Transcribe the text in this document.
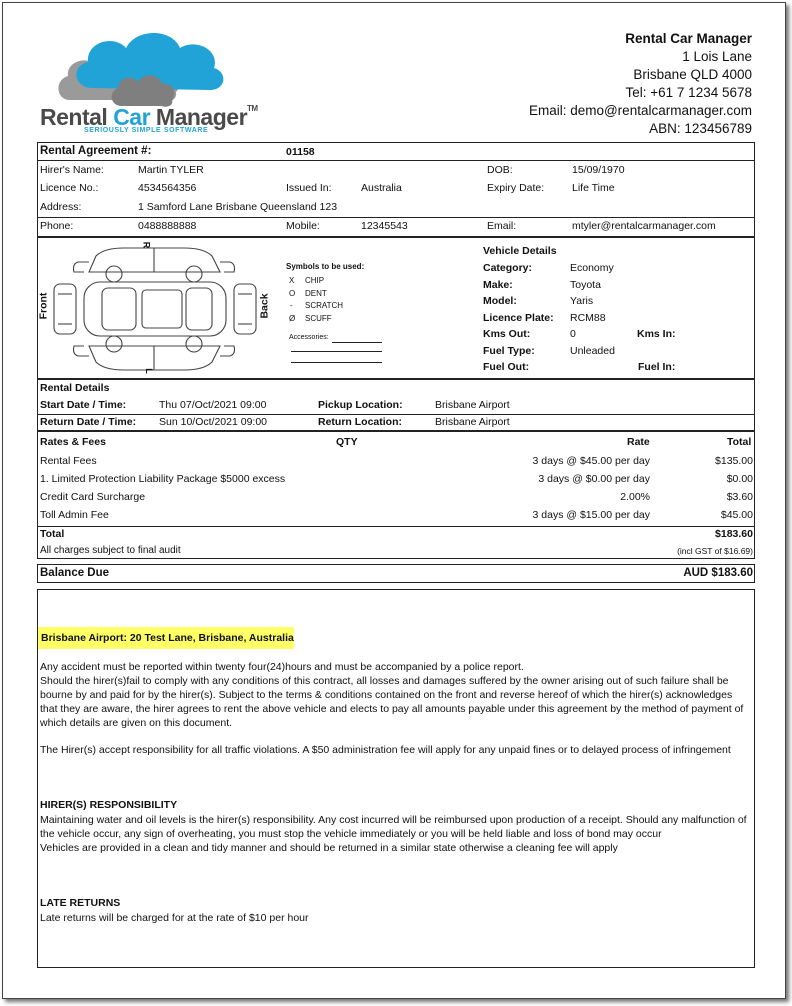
Rental Car Manager™
SERIOUSLY SIMPLE SOFTWARE
Rental Car Manager
1 Lois Lane
Brisbane QLD 4000
Tel: +61 7 1234 5678
Email: demo@rentalcarmanager.com
ABN: 123456789
Rental Agreement #:	01158
Hirer's Name:	Martin TYLER	DOB:	15/09/1970
Licence No.:	4534564356	Issued In:	Australia	Expiry Date:	Life Time
Address:	1 Samford Lane Brisbane Queensland 123
Phone:	0488888888	Mobile:	12345543	Email:	mtyler@rentalcarmanager.com
R
L
Front	Back
Symbols to be used:
X CHIP
O DENT
- SCRATCH
Ø SCUFF
Accessories:
Vehicle Details
Category:	Economy
Make:	Toyota
Model:	Yaris
Licence Plate: RCM88
Kms Out:	0	Kms In:
Fuel Type:	Unleaded
Fuel Out:	Fuel In:
Rental Details
Start Date / Time:	Thu 07/Oct/2021 09:00	Pickup Location:	Brisbane Airport
Return Date / Time: Sun 10/Oct/2021 09:00	Return Location:	Brisbane Airport
Rates & Fees	QTY	Rate	Total
Rental Fees	3 days @ $45.00 per day	$135.00
1. Limited Protection Liability Package $5000 excess	3 days @ $0.00 per day	$0.00
Credit Card Surcharge	2.00%	$3.60
Toll Admin Fee	3 days @ $15.00 per day	$45.00
Total	$183.60
All charges subject to final audit	(incl GST of $16.69)
Balance Due	AUD $183.60
Brisbane Airport: 20 Test Lane, Brisbane, Australia
Any accident must be reported within twenty four(24)hours and must be accompanied by a police report.
Should the hirer(s)fail to comply with any conditions of this contract, all losses and damages suffered by the owner arising out of such failure shall be bourne by and paid for by the hirer(s). Subject to the terms & conditions contained on the front and reverse hereof of which the hirer(s) acknowledges that they are aware, the hirer agrees to rent the above vehicle and elects to pay all amounts payable under this agreement by the method of payment of which details are given on this document.
The Hirer(s) accept responsibility for all traffic violations. A $50 administration fee will apply for any unpaid fines or to delayed process of infringement
HIRER(S) RESPONSIBILITY
Maintaining water and oil levels is the hirer(s) responsibility. Any cost incurred will be reimbursed upon production of a receipt. Should any malfunction of the vehicle occur, any sign of overheating, you must stop the vehicle immediately or you will be held liable and loss of bond may occur
Vehicles are provided in a clean and tidy manner and should be returned in a similar state otherwise a cleaning fee will apply
LATE RETURNS
Late returns will be charged for at the rate of $10 per hour
